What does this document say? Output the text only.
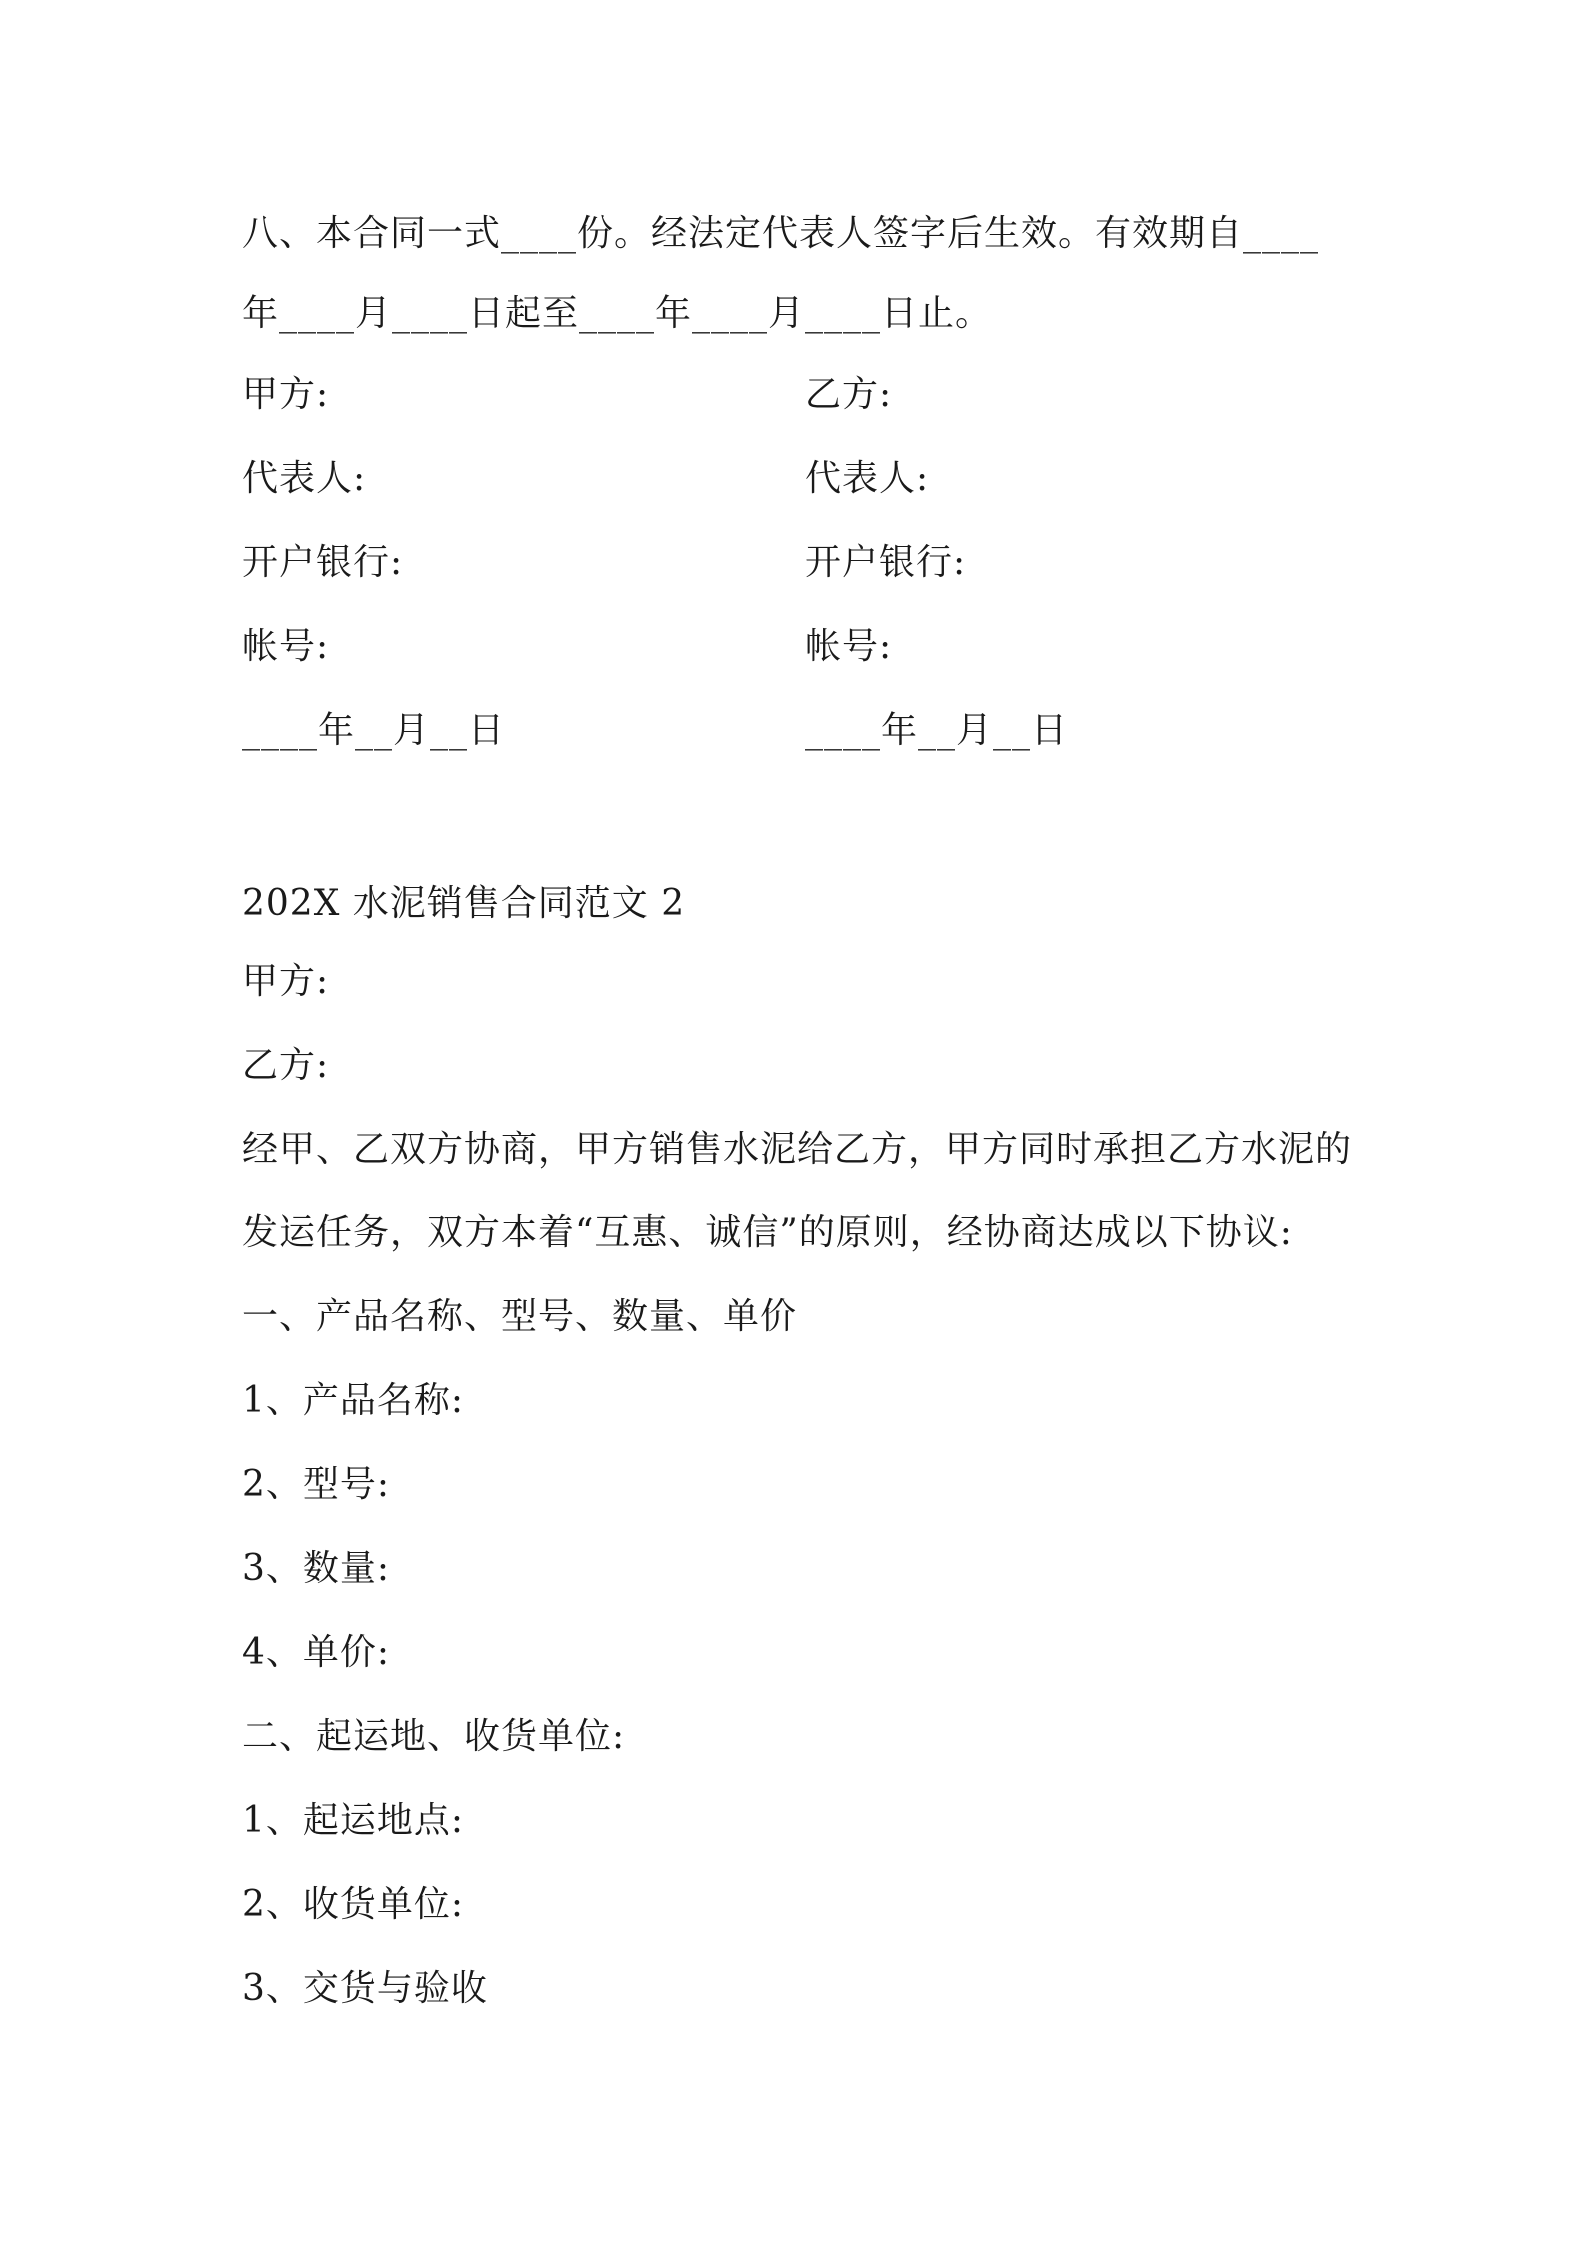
八、本合同一式____份。经法定代表人签字后生效。有效期自____
年____月____日起至____年____月____日止。
甲方:	乙方:
代表人:	代表人:
开户银行:	开户银行:
帐号:	帐号:
____年__月__日	____年__月__日
202X 水泥销售合同范文 2
甲方:
乙方:
经甲、乙双方协商，甲方销售水泥给乙方，甲方同时承担乙方水泥的
发运任务，双方本着“互惠、诚信”的原则，经协商达成以下协议:
一、产品名称、型号、数量、单价
1、产品名称:
2、型号:
3、数量:
4、单价:
二、起运地、收货单位:
1、起运地点:
2、收货单位:
3、交货与验收
